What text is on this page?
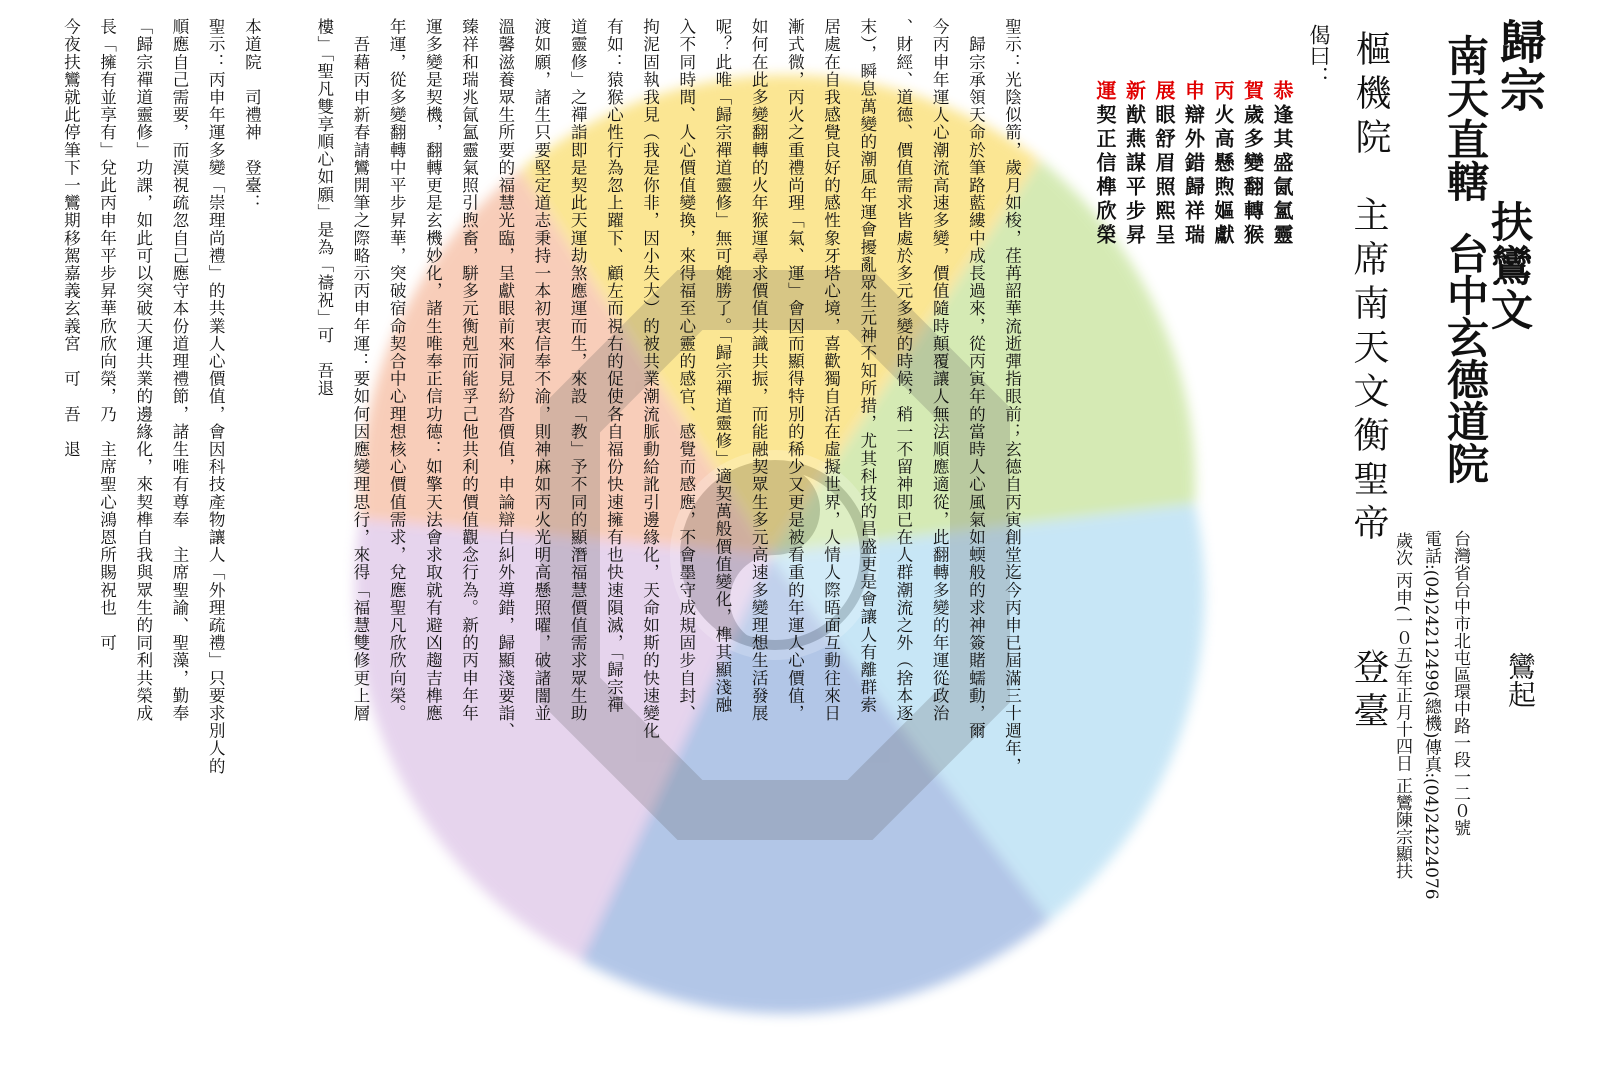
歸宗
扶鸞文
南天直轄
台中玄德道院
鸞起
台灣省台中市北屯區環中路一段一二０號
電話:(04)24212499(總機)傳真:(04)24224076
歲次 丙申(一０五)年正月十四日 正鸞陳宗顯扶
樞機院
主席南天文衡聖帝
登臺
偈曰：
恭逢其盛氤氳靈
賀歲多變翻轉猴
丙火高懸煦嫗獻
申辯外錯歸祥瑞
展眼舒眉照熙呈
新猷燕謀平步昇
運契正信榫欣榮
聖示：光陰似箭，歲月如梭，荏苒韶華流逝彈指眼前；玄德自丙寅創堂迄今丙申已屆滿三十週年，
　歸宗承領天命於筆路藍縷中成長過來，從丙寅年的當時人心風氣如蝡般的求神簽賭蠕動，爾
今丙申年運人心潮流高速多變，價值隨時顛覆讓人無法順應適從，此翻轉多變的年運從政治
、財經、道德、價值需求皆處於多元多變的時候，稍一不留神即已在人群潮流之外（捨本逐
末），瞬息萬變的潮風年運會擾亂眾生元神不知所措，尤其科技的昌盛更是會讓人有離群索
居處在自我感覺良好的感性象牙塔心境，喜歡獨自活在虛擬世界，人情人際晤面互動往來日
漸式微，丙火之重禮尚理「氣、運」會因而顯得特別的稀少又更是被看重的年運人心價值，
如何在此多變翻轉的火年猴運尋求價值共識共振，而能融契眾生多元高速多變理想生活發展
呢？此唯「歸宗禪道靈修」無可媲勝了。「歸宗禪道靈修」適契萬般價值變化，榫其顯淺融
入不同時間、人心價值變換，來得福至心靈的感官、感覺而感應，不會墨守成規固步自封、
拘泥固執我見（我是你非，因小失大）的被共業潮流脈動給訛引邊緣化，天命如斯的快速變化
有如：猿猴心性行為忽上躍下、顧左而視右的促使各自福份快速擁有也快速隕滅，「歸宗禪
道靈修」之禪詣即是契此天運劫煞應運而生，來設「教」予不同的顯潛福慧價值需求眾生助
渡如願，諸生只要堅定道志秉持一本初衷信奉不渝，則神麻如丙火光明高懸照曜，破諸闇並
溫馨滋養眾生所要的福慧光臨，呈獻眼前來洞見紛沓價值，申論辯白糾外導錯，歸顯淺要詣、
臻祥和瑞兆氤氳靈氣照引煦畜，駢多元衡剋而能孚己他共利的價值觀念行為。新的丙申年年
運多變是契機，翻轉更是玄機妙化，諸生唯奉正信功德：如擎天法會求取就有避凶趨吉榫應
年運，從多變翻轉中平步昇華，突破宿命契合中心理想核心價值需求，兌應聖凡欣欣向榮。
　吾藉丙申新春請鸞開筆之際略示丙申年運：要如何因應變理思行，來得「福慧雙修更上層
樓」「聖凡雙享順心如願」是為「禱祝」可　吾退
本道院　司禮神　登臺：
聖示：丙申年運多變「崇理尚禮」的共業人心價值，會因科技產物讓人「外理疏禮」只要求別人的
順應自己需要，而漠視疏忽自己應守本份道理禮節，諸生唯有尊奉　主席聖諭、聖藻，勤奉
「歸宗禪道靈修」功課，如此可以突破天運共業的邊緣化，來契榫自我與眾生的同利共榮成
長「擁有並享有」兌此丙申年平步昇華欣欣向榮，乃　主席聖心鴻恩所賜祝也　可
今夜扶鸞就此停筆下一鸞期移駕嘉義玄義宮　可　吾　退
